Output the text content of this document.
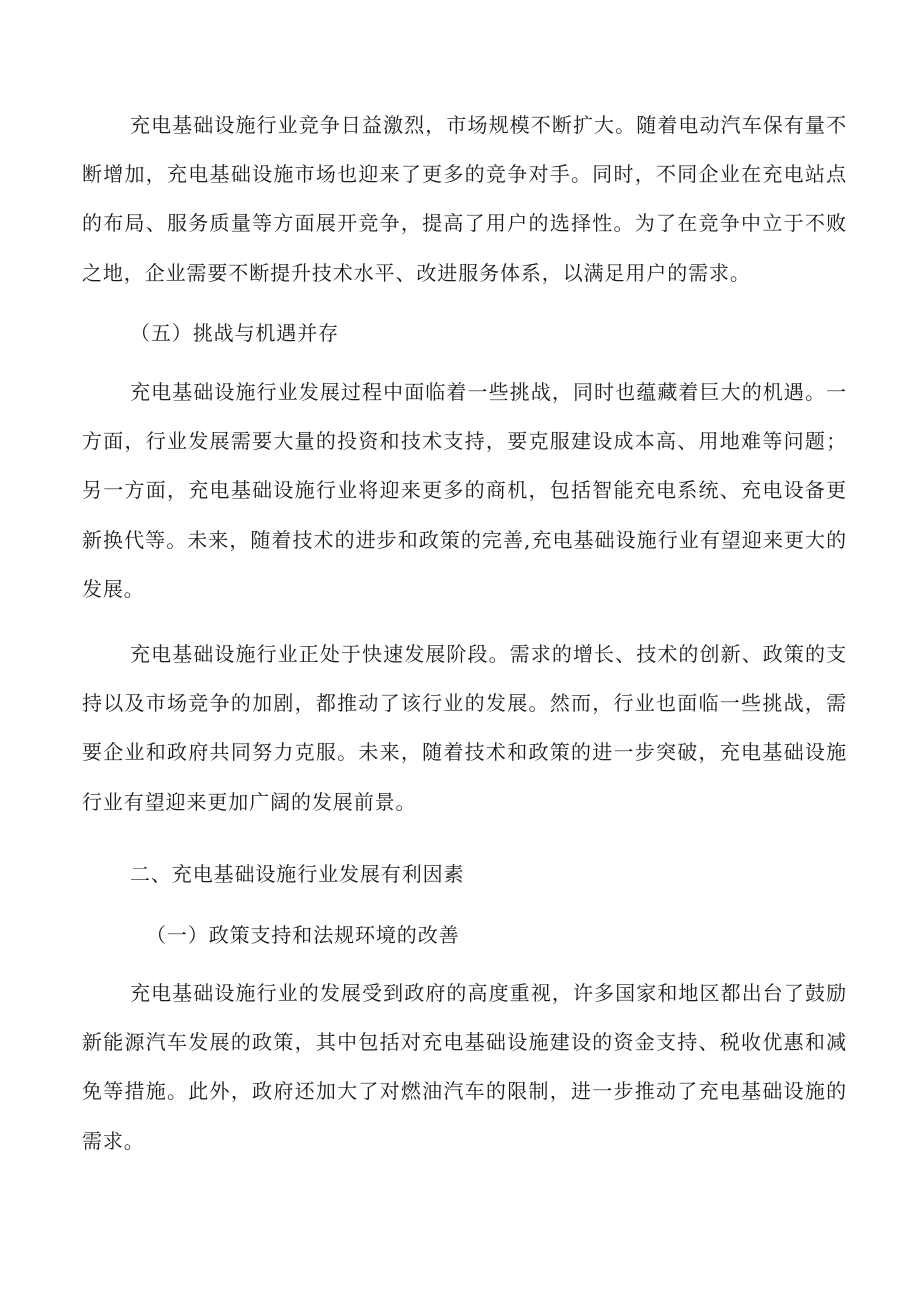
充电基础设施行业竞争日益激烈，市场规模不断扩大。随着电动汽车保有量不断增加，充电基础设施市场也迎来了更多的竞争对手。同时，不同企业在充电站点的布局、服务质量等方面展开竞争，提高了用户的选择性。为了在竞争中立于不败之地，企业需要不断提升技术水平、改进服务体系，以满足用户的需求。

（五）挑战与机遇并存

充电基础设施行业发展过程中面临着一些挑战，同时也蕴藏着巨大的机遇。一方面，行业发展需要大量的投资和技术支持，要克服建设成本高、用地难等问题；另一方面，充电基础设施行业将迎来更多的商机，包括智能充电系统、充电设备更新换代等。未来，随着技术的进步和政策的完善,充电基础设施行业有望迎来更大的发展。

充电基础设施行业正处于快速发展阶段。需求的增长、技术的创新、政策的支持以及市场竞争的加剧，都推动了该行业的发展。然而，行业也面临一些挑战，需要企业和政府共同努力克服。未来，随着技术和政策的进一步突破，充电基础设施行业有望迎来更加广阔的发展前景。

二、充电基础设施行业发展有利因素
（一）政策支持和法规环境的改善

充电基础设施行业的发展受到政府的高度重视，许多国家和地区都出台了鼓励新能源汽车发展的政策，其中包括对充电基础设施建设的资金支持、税收优惠和减免等措施。此外，政府还加大了对燃油汽车的限制，进一步推动了充电基础设施的需求。
